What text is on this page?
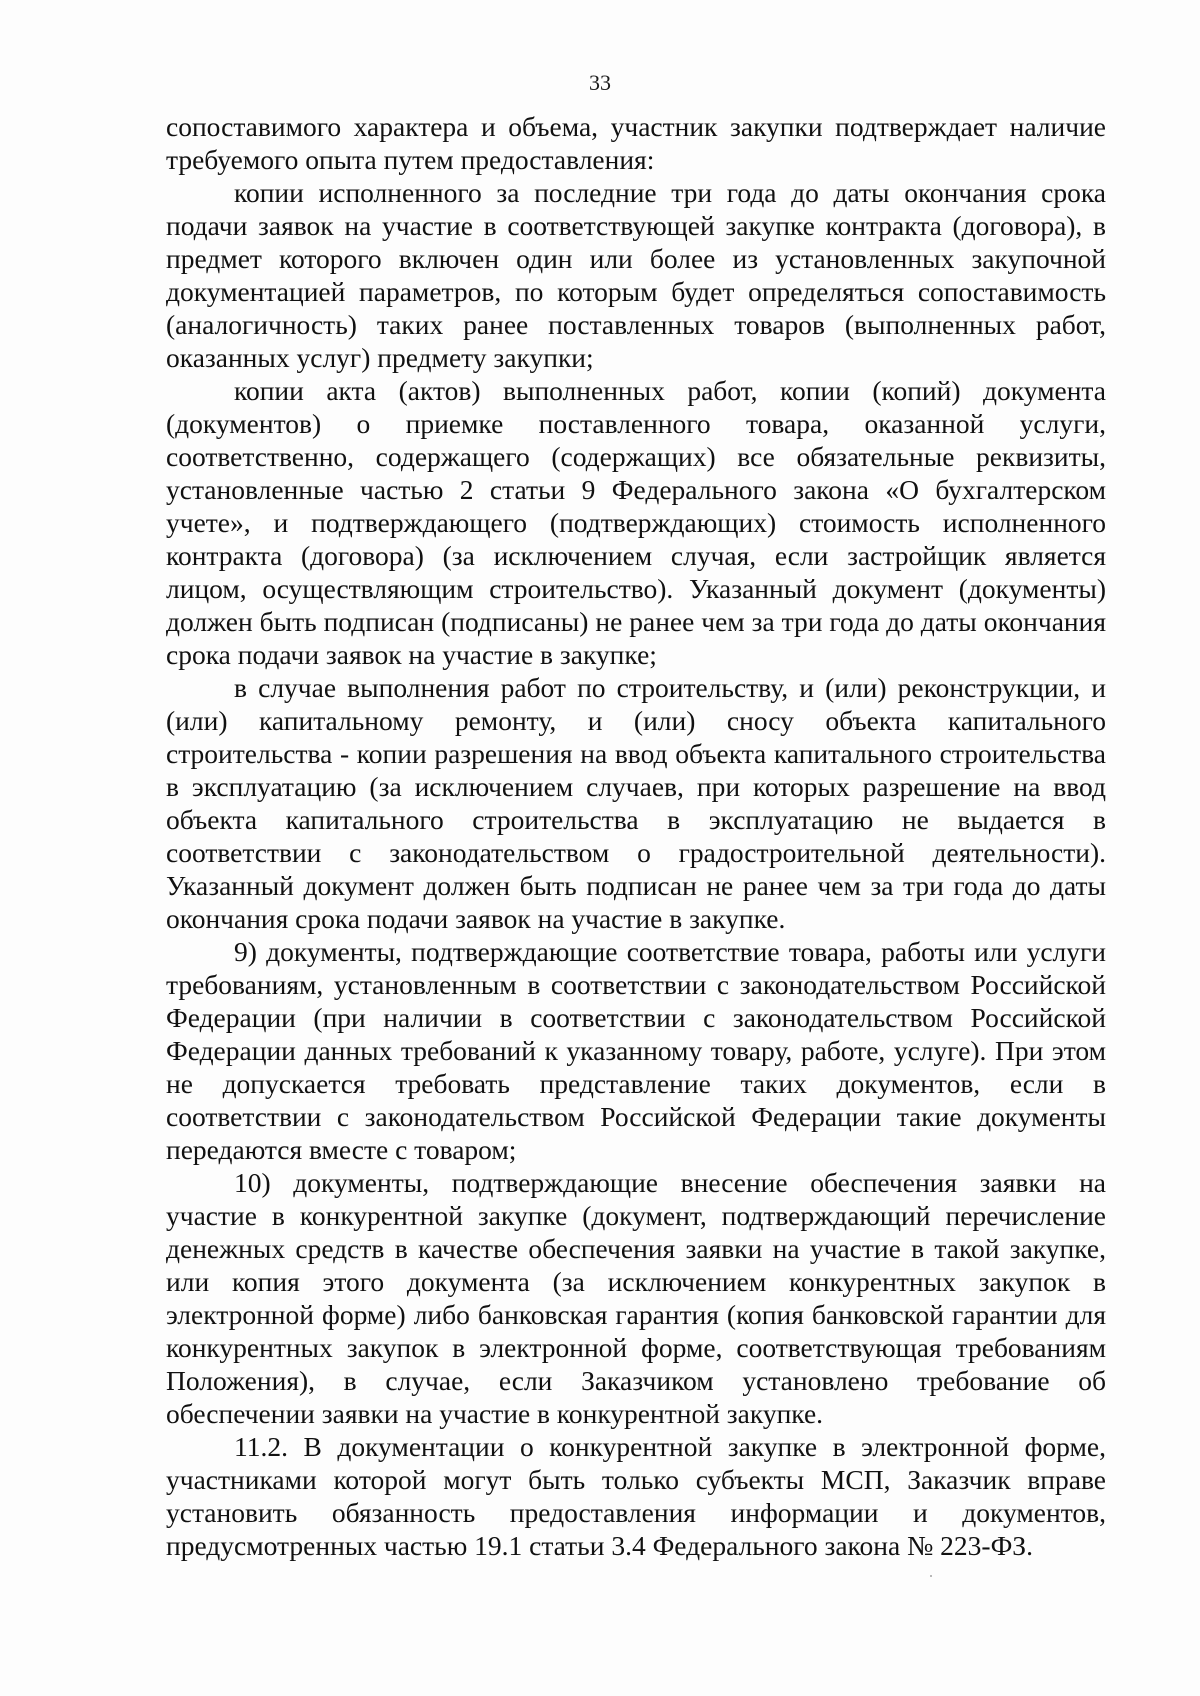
33

сопоставимого характера и объема, участник закупки подтверждает наличие требуемого опыта путем предоставления:

копии исполненного за последние три года до даты окончания срока подачи заявок на участие в соответствующей закупке контракта (договора), в предмет которого включен один или более из установленных закупочной документацией параметров, по которым будет определяться сопоставимость (аналогичность) таких ранее поставленных товаров (выполненных работ, оказанных услуг) предмету закупки;

копии акта (актов) выполненных работ, копии (копий) документа (документов) о приемке поставленного товара, оказанной услуги, соответственно, содержащего (содержащих) все обязательные реквизиты, установленные частью 2 статьи 9 Федерального закона «О бухгалтерском учете», и подтверждающего (подтверждающих) стоимость исполненного контракта (договора) (за исключением случая, если застройщик является лицом, осуществляющим строительство). Указанный документ (документы) должен быть подписан (подписаны) не ранее чем за три года до даты окончания срока подачи заявок на участие в закупке;

в случае выполнения работ по строительству, и (или) реконструкции, и (или) капитальному ремонту, и (или) сносу объекта капитального строительства - копии разрешения на ввод объекта капитального строительства в эксплуатацию (за исключением случаев, при которых разрешение на ввод объекта капитального строительства в эксплуатацию не выдается в соответствии с законодательством о градостроительной деятельности). Указанный документ должен быть подписан не ранее чем за три года до даты окончания срока подачи заявок на участие в закупке.

9) документы, подтверждающие соответствие товара, работы или услуги требованиям, установленным в соответствии с законодательством Российской Федерации (при наличии в соответствии с законодательством Российской Федерации данных требований к указанному товару, работе, услуге). При этом не допускается требовать представление таких документов, если в соответствии с законодательством Российской Федерации такие документы передаются вместе с товаром;

10) документы, подтверждающие внесение обеспечения заявки на участие в конкурентной закупке (документ, подтверждающий перечисление денежных средств в качестве обеспечения заявки на участие в такой закупке, или копия этого документа (за исключением конкурентных закупок в электронной форме) либо банковская гарантия (копия банковской гарантии для конкурентных закупок в электронной форме, соответствующая требованиям Положения), в случае, если Заказчиком установлено требование об обеспечении заявки на участие в конкурентной закупке.

11.2. В документации о конкурентной закупке в электронной форме, участниками которой могут быть только субъекты МСП, Заказчик вправе установить обязанность предоставления информации и документов, предусмотренных частью 19.1 статьи 3.4 Федерального закона № 223-ФЗ.
